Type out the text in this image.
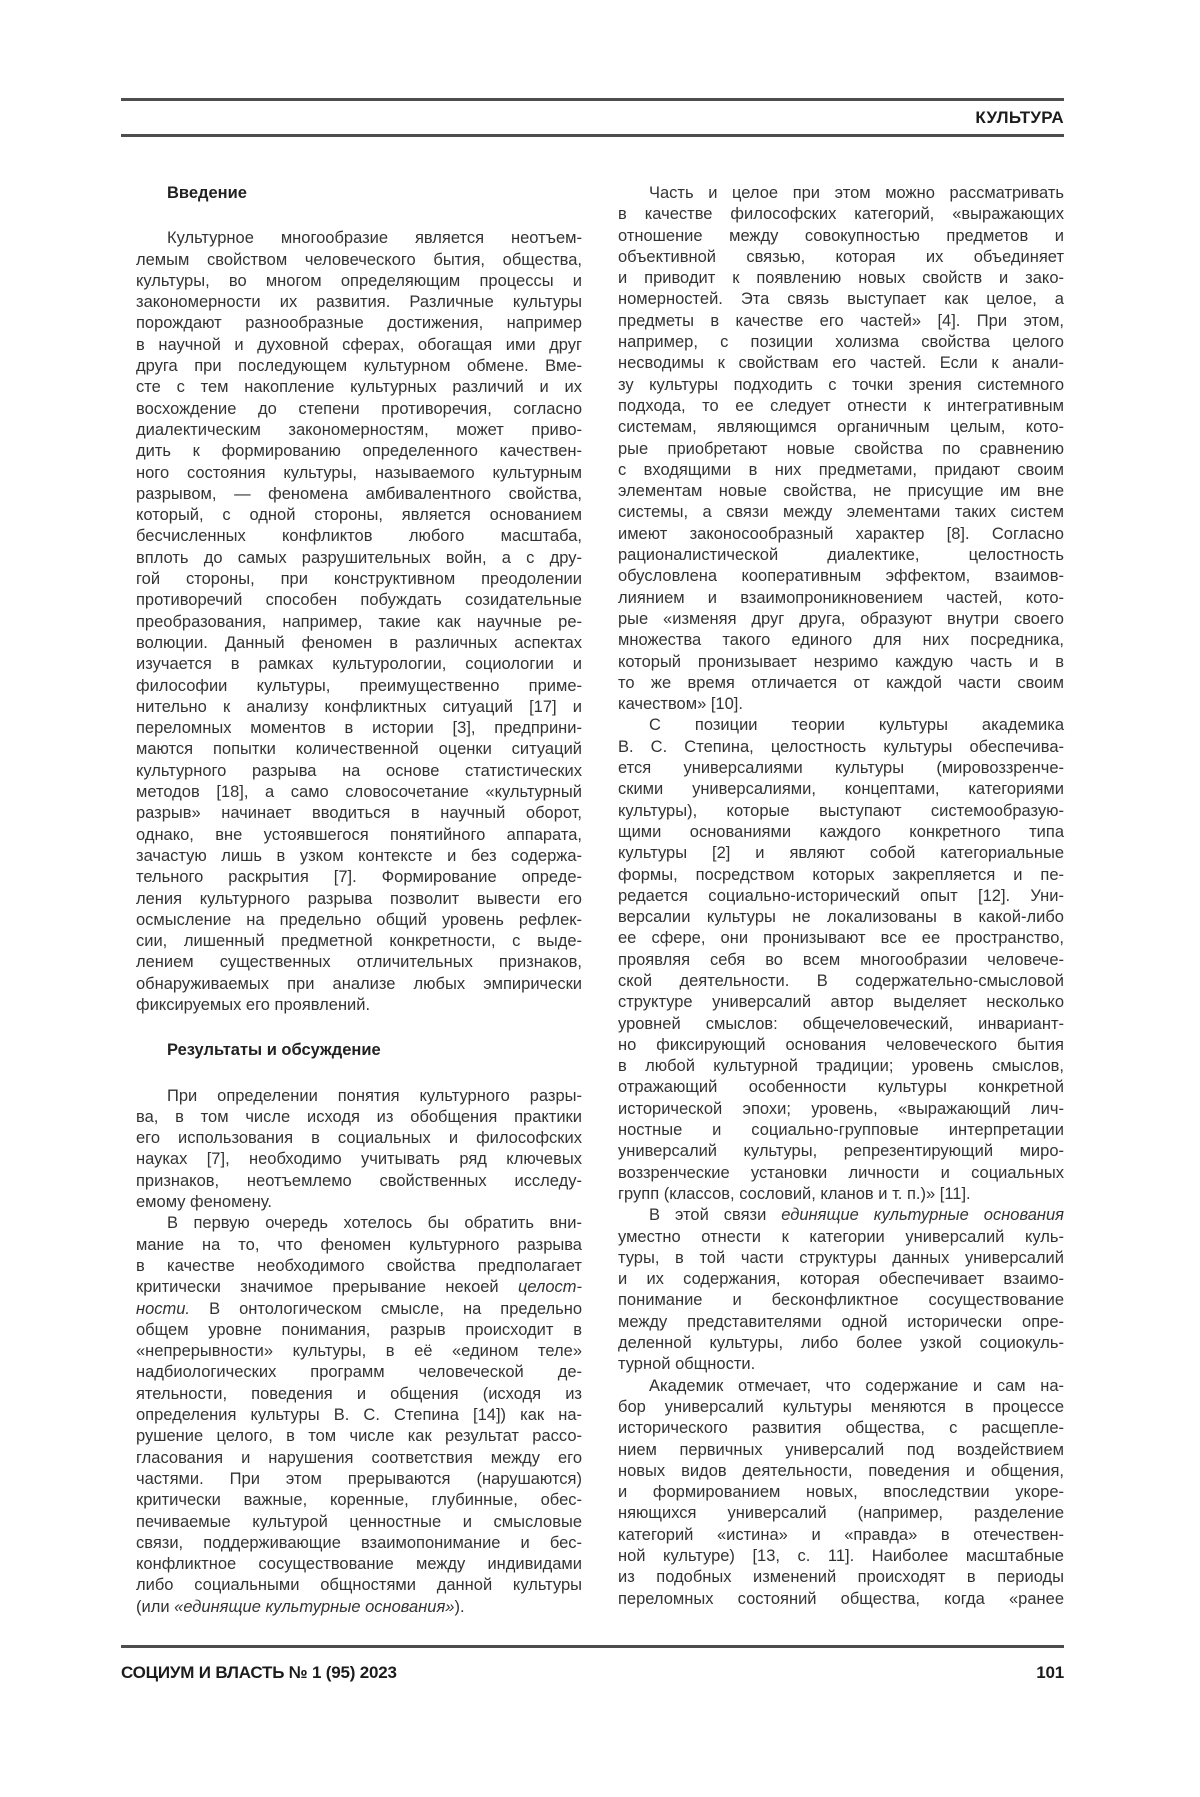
КУЛЬТУРА
Введение
Культурное многообразие является неотъем-
лемым свойством человеческого бытия, общества,
культуры, во многом определяющим процессы и
закономерности их развития. Различные культуры
порождают разнообразные достижения, например
в научной и духовной сферах, обогащая ими друг
друга при последующем культурном обмене. Вме-
сте с тем накопление культурных различий и их
восхождение до степени противоречия, согласно
диалектическим закономерностям, может приво-
дить к формированию определенного качествен-
ного состояния культуры, называемого культурным
разрывом, — феномена амбивалентного свойства,
который, с одной стороны, является основанием
бесчисленных конфликтов любого масштаба,
вплоть до самых разрушительных войн, а с дру-
гой стороны, при конструктивном преодолении
противоречий способен побуждать созидательные
преобразования, например, такие как научные ре-
волюции. Данный феномен в различных аспектах
изучается в рамках культурологии, социологии и
философии культуры, преимущественно приме-
нительно к анализу конфликтных ситуаций [17] и
переломных моментов в истории [3], предприни-
маются попытки количественной оценки ситуаций
культурного разрыва на основе статистических
методов [18], а само словосочетание «культурный
разрыв» начинает вводиться в научный оборот,
однако, вне устоявшегося понятийного аппарата,
зачастую лишь в узком контексте и без содержа-
тельного раскрытия [7]. Формирование опреде-
ления культурного разрыва позволит вывести его
осмысление на предельно общий уровень рефлек-
сии, лишенный предметной конкретности, с выде-
лением существенных отличительных признаков,
обнаруживаемых при анализе любых эмпирически
фиксируемых его проявлений.
Результаты и обсуждение
При определении понятия культурного разры-
ва, в том числе исходя из обобщения практики
его использования в социальных и философских
науках [7], необходимо учитывать ряд ключевых
признаков, неотъемлемо свойственных исследу-
емому феномену.
В первую очередь хотелось бы обратить вни-
мание на то, что феномен культурного разрыва
в качестве необходимого свойства предполагает
критически значимое прерывание некоей целост-
ности. В онтологическом смысле, на предельно
общем уровне понимания, разрыв происходит в
«непрерывности» культуры, в её «едином теле»
надбиологических программ человеческой де-
ятельности, поведения и общения (исходя из
определения культуры В. С. Степина [14]) как на-
рушение целого, в том числе как результат рассо-
гласования и нарушения соответствия между его
частями. При этом прерываются (нарушаются)
критически важные, коренные, глубинные, обес-
печиваемые культурой ценностные и смысловые
связи, поддерживающие взаимопонимание и бес-
конфликтное сосуществование между индивидами
либо социальными общностями данной культуры
(или «единящие культурные основания»).
Часть и целое при этом можно рассматривать
в качестве философских категорий, «выражающих
отношение между совокупностью предметов и
объективной связью, которая их объединяет
и приводит к появлению новых свойств и зако-
номерностей. Эта связь выступает как целое, а
предметы в качестве его частей» [4]. При этом,
например, с позиции холизма свойства целого
несводимы к свойствам его частей. Если к анали-
зу культуры подходить с точки зрения системного
подхода, то ее следует отнести к интегративным
системам, являющимся органичным целым, кото-
рые приобретают новые свойства по сравнению
с входящими в них предметами, придают своим
элементам новые свойства, не присущие им вне
системы, а связи между элементами таких систем
имеют законосообразный характер [8]. Согласно
рационалистической диалектике, целостность
обусловлена кооперативным эффектом, взаимов-
лиянием и взаимопроникновением частей, кото-
рые «изменяя друг друга, образуют внутри своего
множества такого единого для них посредника,
который пронизывает незримо каждую часть и в
то же время отличается от каждой части своим
качеством» [10].
С позиции теории культуры академика
В. С. Степина, целостность культуры обеспечива-
ется универсалиями культуры (мировоззренче-
скими универсалиями, концептами, категориями
культуры), которые выступают системообразую-
щими основаниями каждого конкретного типа
культуры [2] и являют собой категориальные
формы, посредством которых закрепляется и пе-
редается социально-исторический опыт [12]. Уни-
версалии культуры не локализованы в какой-либо
ее сфере, они пронизывают все ее пространство,
проявляя себя во всем многообразии человече-
ской деятельности. В содержательно-смысловой
структуре универсалий автор выделяет несколько
уровней смыслов: общечеловеческий, инвариант-
но фиксирующий основания человеческого бытия
в любой культурной традиции; уровень смыслов,
отражающий особенности культуры конкретной
исторической эпохи; уровень, «выражающий лич-
ностные и социально-групповые интерпретации
универсалий культуры, репрезентирующий миро-
воззренческие установки личности и социальных
групп (классов, сословий, кланов и т. п.)» [11].
В этой связи единящие культурные основания
уместно отнести к категории универсалий куль-
туры, в той части структуры данных универсалий
и их содержания, которая обеспечивает взаимо-
понимание и бесконфликтное сосуществование
между представителями одной исторически опре-
деленной культуры, либо более узкой социокуль-
турной общности.
Академик отмечает, что содержание и сам на-
бор универсалий культуры меняются в процессе
исторического развития общества, с расщепле-
нием первичных универсалий под воздействием
новых видов деятельности, поведения и общения,
и формированием новых, впоследствии укоре-
няющихся универсалий (например, разделение
категорий «истина» и «правда» в отечествен-
ной культуре) [13, с. 11]. Наиболее масштабные
из подобных изменений происходят в периоды
переломных состояний общества, когда «ранее
СОЦИУМ И ВЛАСТЬ № 1 (95) 2023	101
